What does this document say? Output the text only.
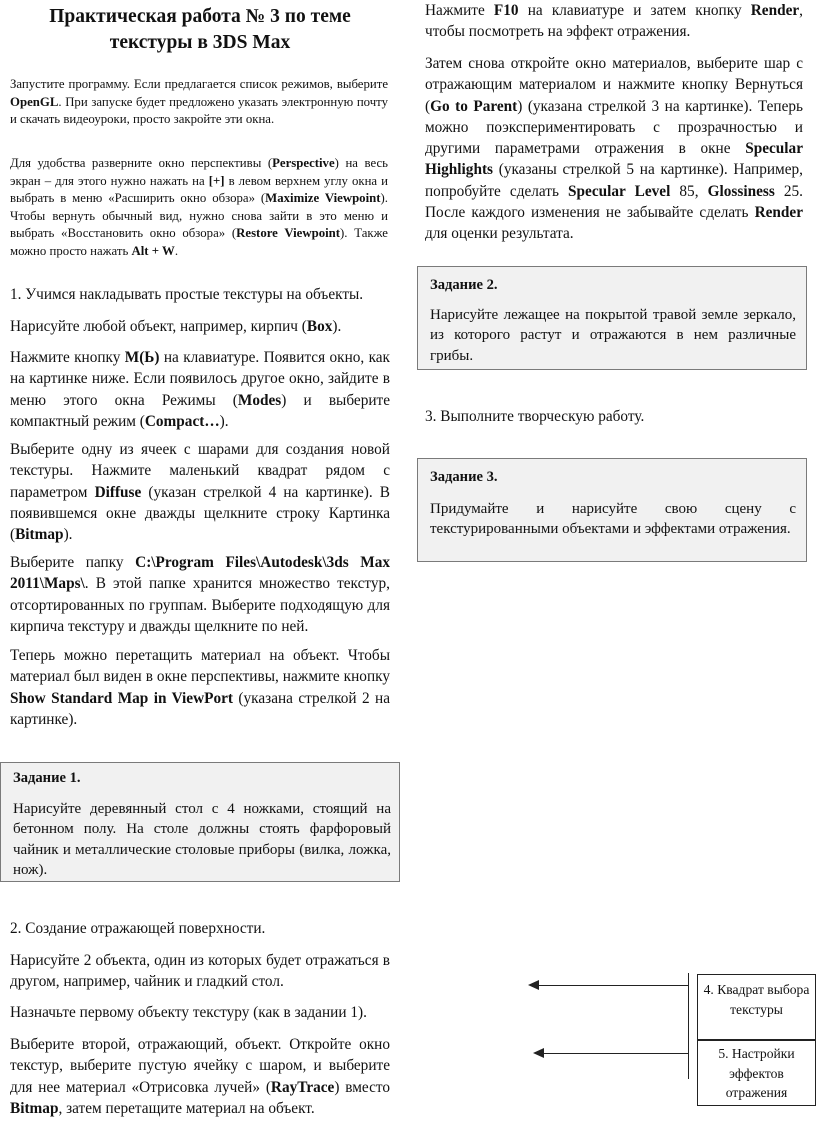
Практическая работа № 3 по теме текстуры в 3DS Max

Запустите программу. Если предлагается список режимов, выберите OpenGL. При запуске будет предложено указать электронную почту и скачать видеоуроки, просто закройте эти окна.

Для удобства разверните окно перспективы (Perspective) на весь экран – для этого нужно нажать на [+] в левом верхнем углу окна и выбрать в меню «Расширить окно обзора» (Maximize Viewpoint). Чтобы вернуть обычный вид, нужно снова зайти в это меню и выбрать «Восстановить окно обзора» (Restore Viewpoint). Также можно просто нажать Alt + W.

1. Учимся накладывать простые текстуры на объекты.

Нарисуйте любой объект, например, кирпич (Box).

Нажмите кнопку M(Ь) на клавиатуре. Появится окно, как на картинке ниже. Если появилось другое окно, зайдите в меню этого окна Режимы (Modes) и выберите компактный режим (Compact…).

Выберите одну из ячеек с шарами для создания новой текстуры. Нажмите маленький квадрат рядом с параметром Diffuse (указан стрелкой 4 на картинке). В появившемся окне дважды щелкните строку Картинка (Bitmap).

Выберите папку C:\Program Files\Autodesk\3ds Max 2011\Maps\. В этой папке хранится множество текстур, отсортированных по группам. Выберите подходящую для кирпича текстуру и дважды щелкните по ней.

Теперь можно перетащить материал на объект. Чтобы материал был виден в окне перспективы, нажмите кнопку Show Standard Map in ViewPort (указана стрелкой 2 на картинке).

Задание 1.
Нарисуйте деревянный стол с 4 ножками, стоящий на бетонном полу. На столе должны стоять фарфоровый чайник и металлические столовые приборы (вилка, ложка, нож).

2. Создание отражающей поверхности.

Нарисуйте 2 объекта, один из которых будет отражаться в другом, например, чайник и гладкий стол.

Назначьте первому объекту текстуру (как в задании 1).

Выберите второй, отражающий, объект. Откройте окно текстур, выберите пустую ячейку с шаром, и выберите для нее материал «Отрисовка лучей» (RayTrace) вместо Bitmap, затем перетащите материал на объект.

Нажмите F10 на клавиатуре и затем кнопку Render, чтобы посмотреть на эффект отражения.

Затем снова откройте окно материалов, выберите шар с отражающим материалом и нажмите кнопку Вернуться (Go to Parent) (указана стрелкой 3 на картинке). Теперь можно поэкспериментировать с прозрачностью и другими параметрами отражения в окне Specular Highlights (указаны стрелкой 5 на картинке). Например, попробуйте сделать Specular Level 85, Glossiness 25. После каждого изменения не забывайте сделать Render для оценки результата.

Задание 2.
Нарисуйте лежащее на покрытой травой земле зеркало, из которого растут и отражаются в нем различные грибы.

3. Выполните творческую работу.

Задание 3.
Придумайте и нарисуйте свою сцену с текстурированными объектами и эффектами отражения.
4. Квадрат выбора текстуры
5. Настройки эффектов отражения
